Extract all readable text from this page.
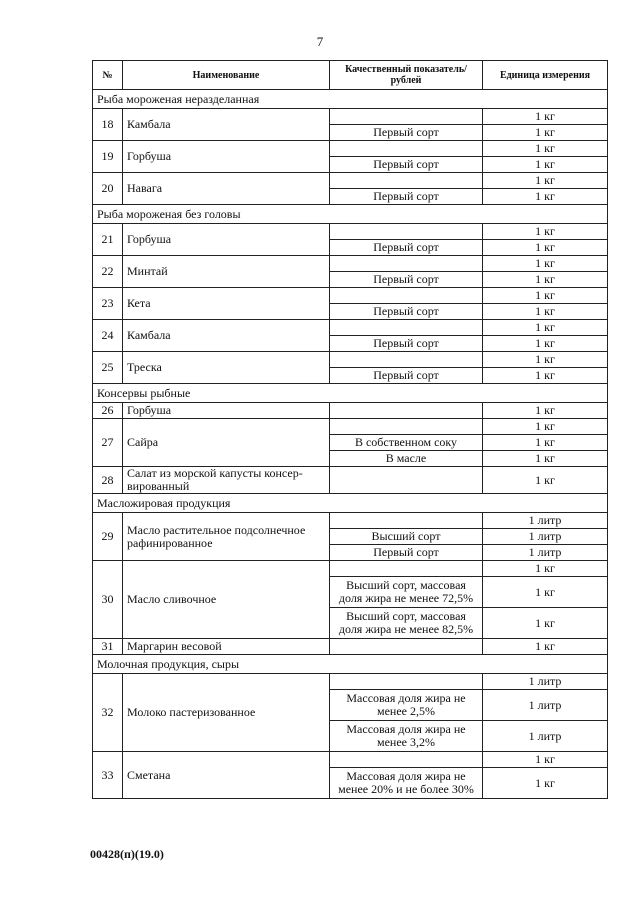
7
№	Наименование	Качественный показатель/рублей	Единица измерения
Рыба мороженая неразделанная			
18	Камбала		1 кг
		Первый сорт	1 кг
19	Горбуша		1 кг
		Первый сорт	1 кг
20	Навага		1 кг
		Первый сорт	1 кг
Рыба мороженая без головы			
21	Горбуша		1 кг
		Первый сорт	1 кг
22	Минтай		1 кг
		Первый сорт	1 кг
23	Кета		1 кг
		Первый сорт	1 кг
24	Камбала		1 кг
		Первый сорт	1 кг
25	Треска		1 кг
		Первый сорт	1 кг
Консервы рыбные			
26	Горбуша		1 кг
27	Сайра		1 кг
		В собственном соку	1 кг
		В масле	1 кг
28	Салат из морской капусты консер-вированный		1 кг
Масложировая продукция			
29	Масло растительное подсолнечное рафинированное		1 литр
		Высший сорт	1 литр
		Первый сорт	1 литр
30	Масло сливочное		1 кг
		Высший сорт, массовая доля жира не менее 72,5%	1 кг
		Высший сорт, массовая доля жира не менее 82,5%	1 кг
31	Маргарин весовой		1 кг
Молочная продукция, сыры			
32	Молоко пастеризованное		1 литр
		Массовая доля жира не менее 2,5%	1 литр
		Массовая доля жира не менее 3,2%	1 литр
33	Сметана		1 кг
		Массовая доля жира не менее 20% и не более 30%	1 кг
00428(п)(19.0)
